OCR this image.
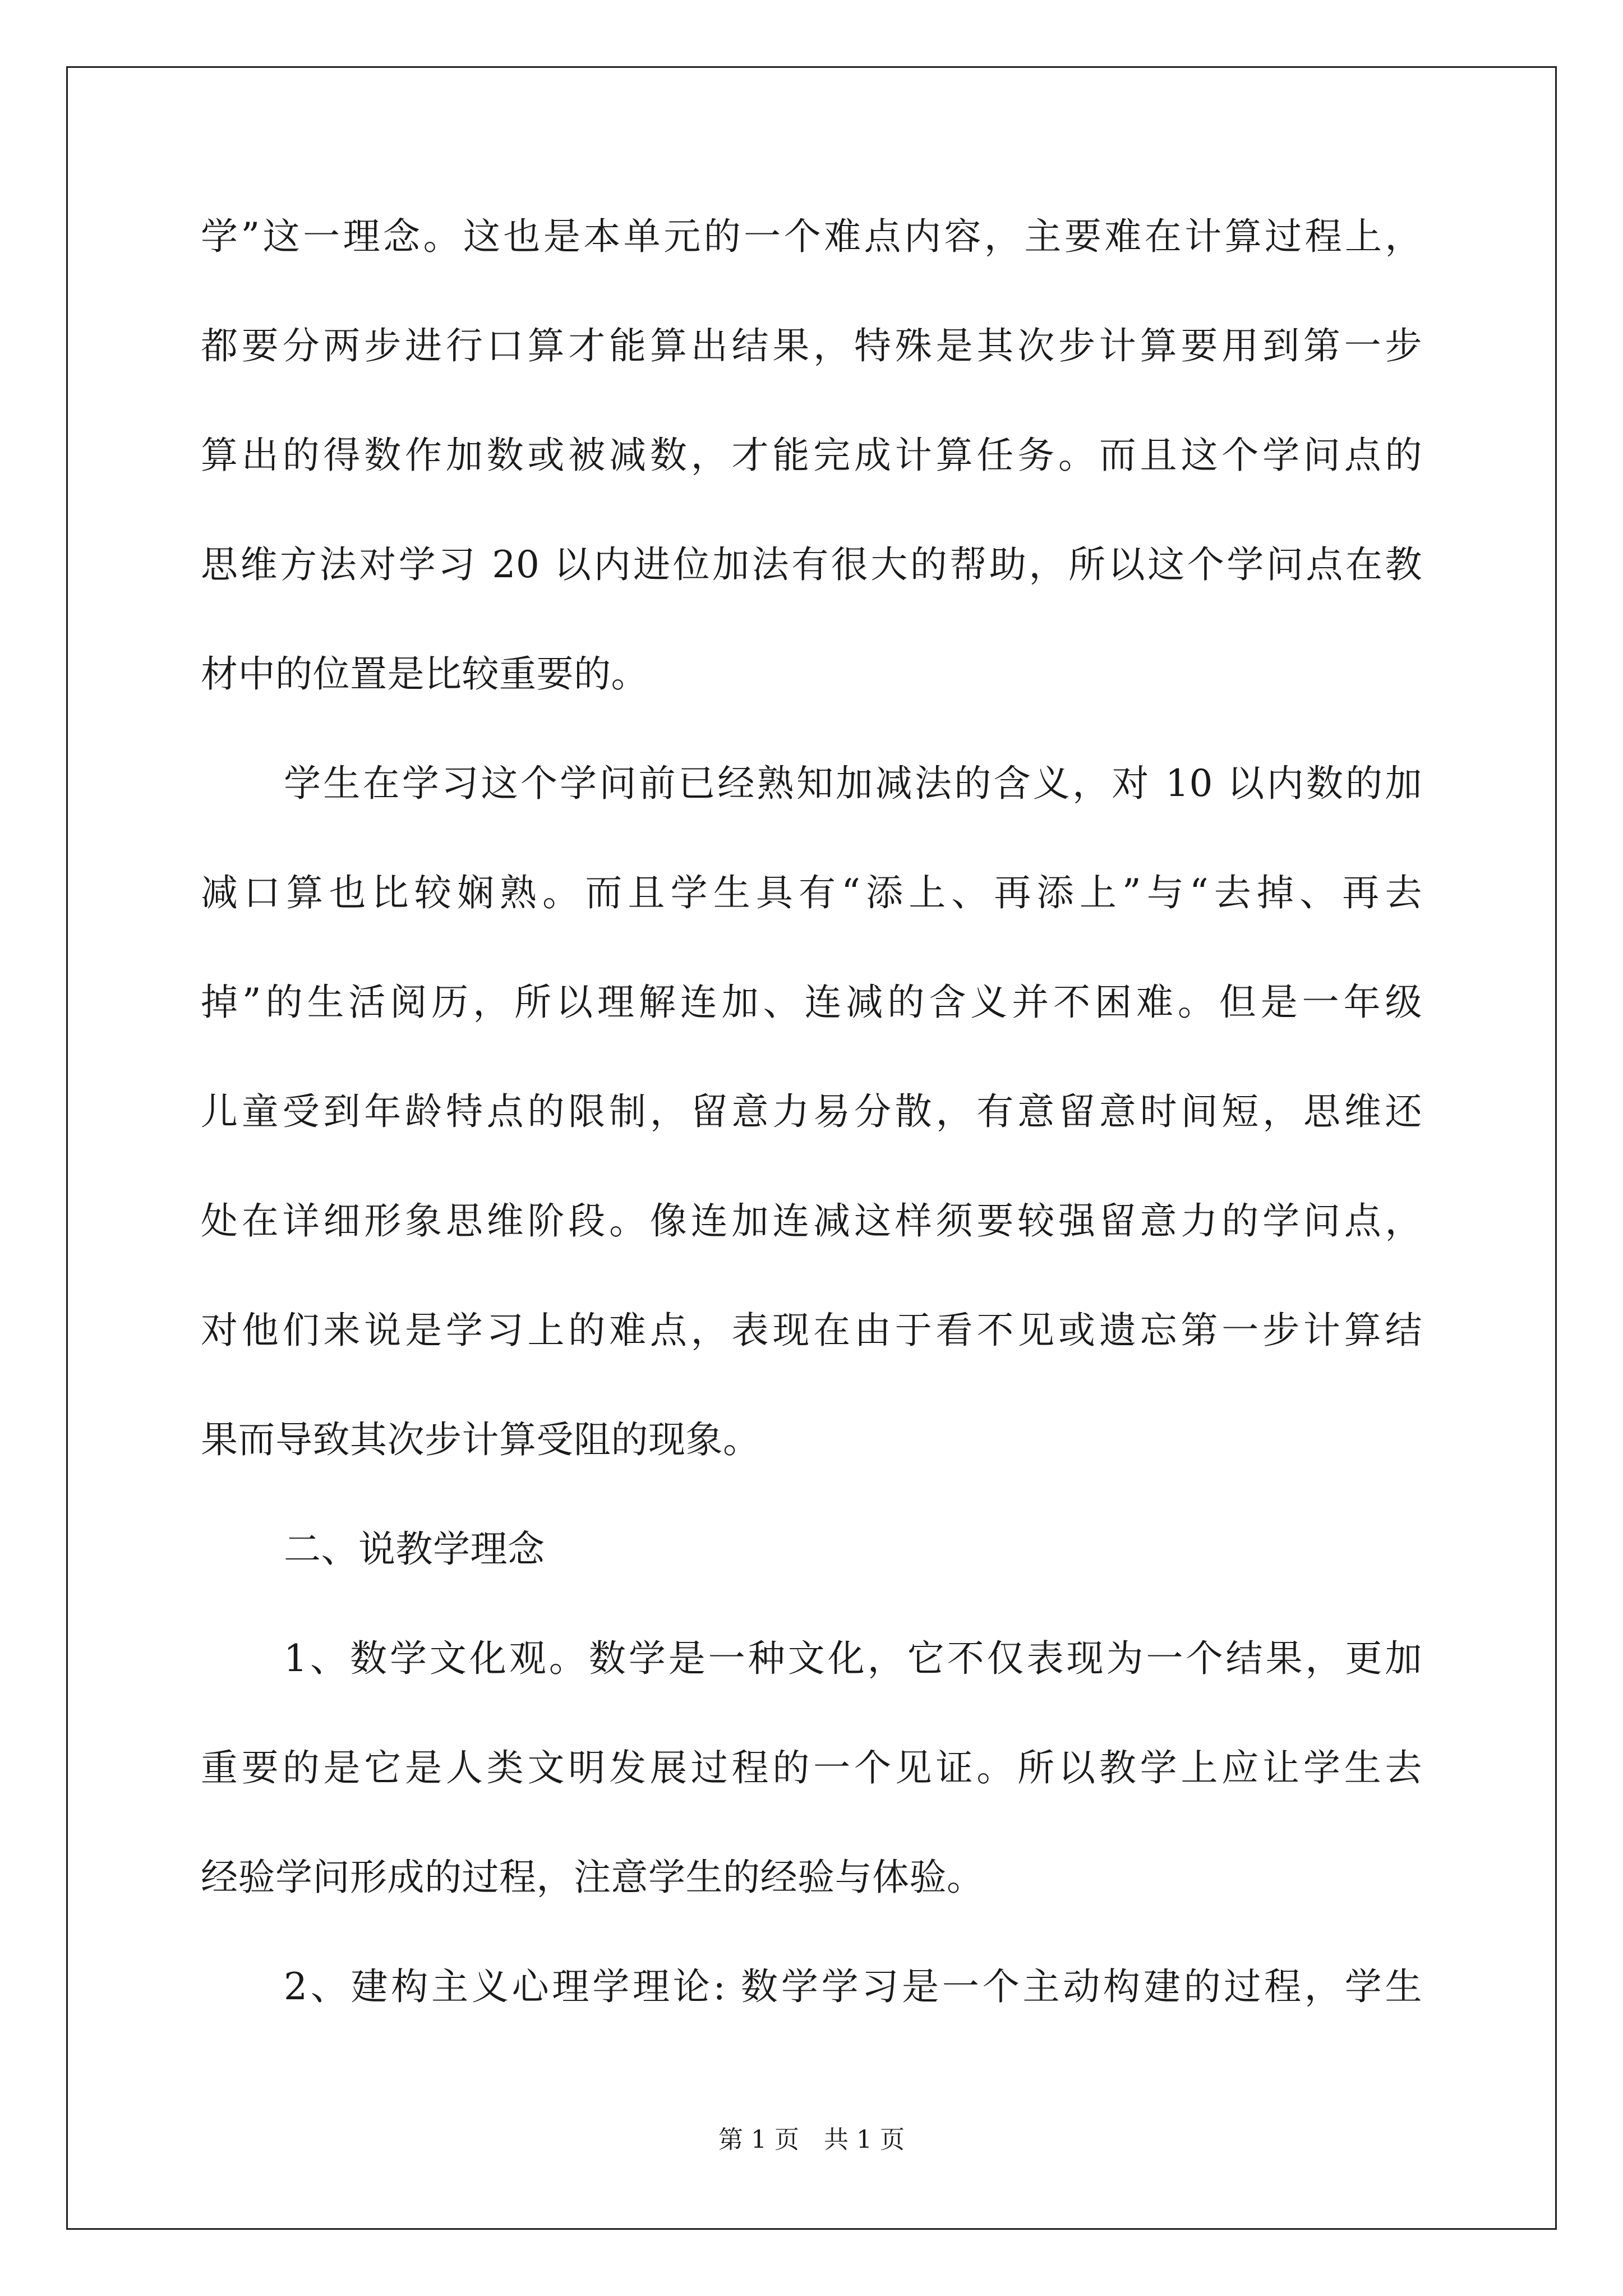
学”这一理念。这也是本单元的一个难点内容，主要难在计算过程上，
都要分两步进行口算才能算出结果，特殊是其次步计算要用到第一步
算出的得数作加数或被减数，才能完成计算任务。而且这个学问点的
思维方法对学习 20 以内进位加法有很大的帮助，所以这个学问点在教
材中的位置是比较重要的。
学生在学习这个学问前已经熟知加减法的含义，对 10 以内数的加
减口算也比较娴熟。而且学生具有“添上、再添上”与“去掉、再去
掉”的生活阅历，所以理解连加、连减的含义并不困难。但是一年级
儿童受到年龄特点的限制，留意力易分散，有意留意时间短，思维还
处在详细形象思维阶段。像连加连减这样须要较强留意力的学问点，
对他们来说是学习上的难点，表现在由于看不见或遗忘第一步计算结
果而导致其次步计算受阻的现象。
二、说教学理念
1、数学文化观。数学是一种文化，它不仅表现为一个结果，更加
重要的是它是人类文明发展过程的一个见证。所以教学上应让学生去
经验学问形成的过程，注意学生的经验与体验。
2、建构主义心理学理论: 数学学习是一个主动构建的过程，学生
第 1 页　共 1 页
